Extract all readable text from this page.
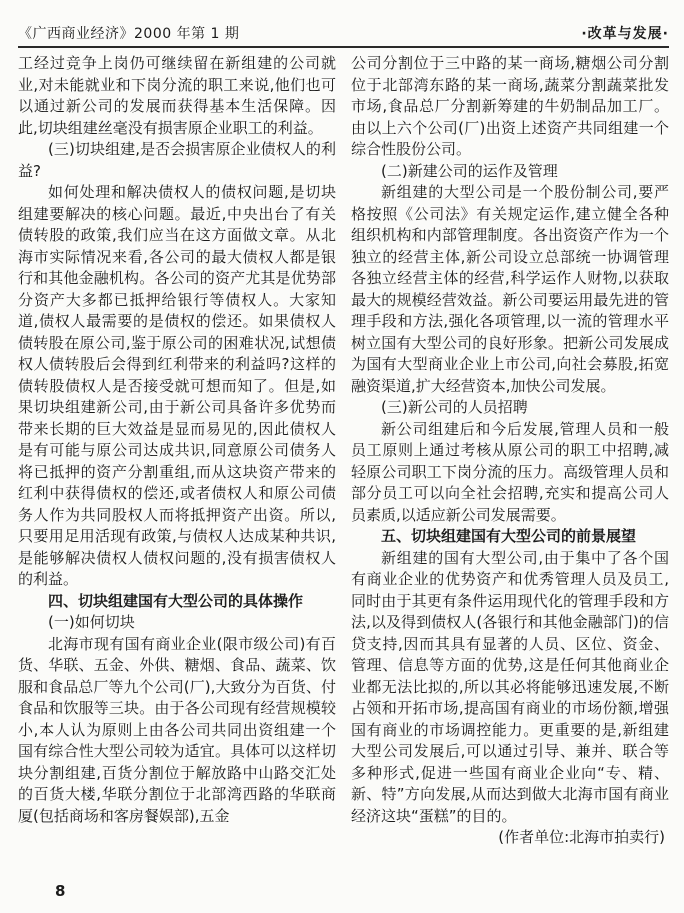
《广西商业经济》2000 年第 1 期	·改革与发展·

工经过竞争上岗仍可继续留在新组建的公司就业,对未能就业和下岗分流的职工来说,他们也可以通过新公司的发展而获得基本生活保障。因此,切块组建丝毫没有损害原企业职工的利益。

(三)切块组建,是否会损害原企业债权人的利益?

如何处理和解决债权人的债权问题,是切块组建要解决的核心问题。最近,中央出台了有关债转股的政策,我们应当在这方面做文章。从北海市实际情况来看,各公司的最大债权人都是银行和其他金融机构。各公司的资产尤其是优势部分资产大多都已抵押给银行等债权人。大家知道,债权人最需要的是债权的偿还。如果债权人债转股在原公司,鉴于原公司的困难状况,试想债权人债转股后会得到红利带来的利益吗?这样的债转股债权人是否接受就可想而知了。但是,如果切块组建新公司,由于新公司具备许多优势而带来长期的巨大效益是显而易见的,因此债权人是有可能与原公司达成共识,同意原公司债务人将已抵押的资产分割重组,而从这块资产带来的红利中获得债权的偿还,或者债权人和原公司债务人作为共同股权人而将抵押资产出资。所以,只要用足用活现有政策,与债权人达成某种共识,是能够解决债权人债权问题的,没有损害债权人的利益。

四、切块组建国有大型公司的具体操作

(一)如何切块

北海市现有国有商业企业(限市级公司)有百货、华联、五金、外供、糖烟、食品、蔬菜、饮服和食品总厂等九个公司(厂),大致分为百货、付食品和饮服等三块。由于各公司现有经营规模较小,本人认为原则上由各公司共同出资组建一个国有综合性大型公司较为适宜。具体可以这样切块分割组建,百货分割位于解放路中山路交汇处的百货大楼,华联分割位于北部湾西路的华联商厦(包括商场和客房餐娱部),五金

公司分割位于三中路的某一商场,糖烟公司分割位于北部湾东路的某一商场,蔬菜分割蔬菜批发市场,食品总厂分割新筹建的牛奶制品加工厂。由以上六个公司(厂)出资上述资产共同组建一个综合性股份公司。

(二)新建公司的运作及管理

新组建的大型公司是一个股份制公司,要严格按照《公司法》有关规定运作,建立健全各种组织机构和内部管理制度。各出资资产作为一个独立的经营主体,新公司设立总部统一协调管理各独立经营主体的经营,科学运作人财物,以获取最大的规模经营效益。新公司要运用最先进的管理手段和方法,强化各项管理,以一流的管理水平树立国有大型公司的良好形象。把新公司发展成为国有大型商业企业上市公司,向社会募股,拓宽融资渠道,扩大经营资本,加快公司发展。

(三)新公司的人员招聘

新公司组建后和今后发展,管理人员和一般员工原则上通过考核从原公司的职工中招聘,减轻原公司职工下岗分流的压力。高级管理人员和部分员工可以向全社会招聘,充实和提高公司人员素质,以适应新公司发展需要。

五、切块组建国有大型公司的前景展望

新组建的国有大型公司,由于集中了各个国有商业企业的优势资产和优秀管理人员及员工,同时由于其更有条件运用现代化的管理手段和方法,以及得到债权人(各银行和其他金融部门)的信贷支持,因而其具有显著的人员、区位、资金、管理、信息等方面的优势,这是任何其他商业企业都无法比拟的,所以其必将能够迅速发展,不断占领和开拓市场,提高国有商业的市场份额,增强国有商业的市场调控能力。更重要的是,新组建大型公司发展后,可以通过引导、兼并、联合等多种形式,促进一些国有商业企业向“专、精、新、特”方向发展,从而达到做大北海市国有商业经济这块“蛋糕”的目的。

(作者单位:北海市拍卖行)

8
